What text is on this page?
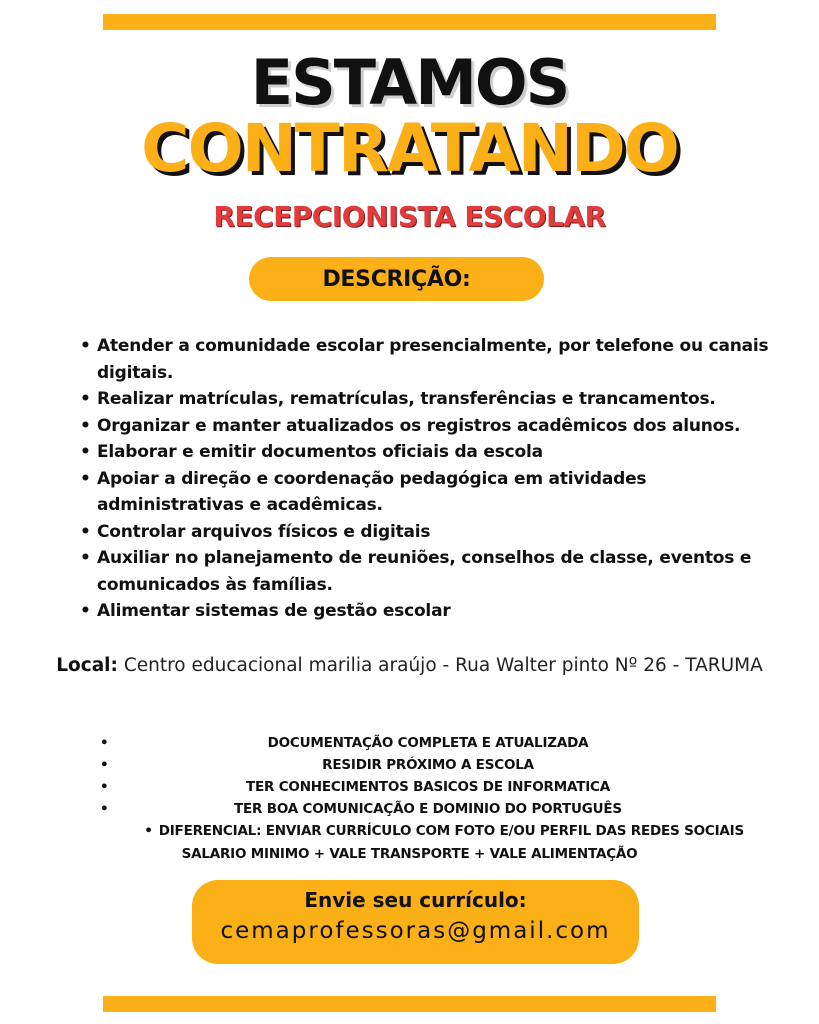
ESTAMOS
CONTRATANDO
RECEPCIONISTA ESCOLAR
DESCRIÇÃO:
• Atender a comunidade escolar presencialmente, por telefone ou canais digitais.
• Realizar matrículas, rematrículas, transferências e trancamentos.
• Organizar e manter atualizados os registros acadêmicos dos alunos.
• Elaborar e emitir documentos oficiais da escola
• Apoiar a direção e coordenação pedagógica em atividades administrativas e acadêmicas.
• Controlar arquivos físicos e digitais
• Auxiliar no planejamento de reuniões, conselhos de classe, eventos e comunicados às famílias.
• Alimentar sistemas de gestão escolar
Local: Centro educacional marilia araújo - Rua Walter pinto Nº 26 - TARUMA
•	DOCUMENTAÇÃO COMPLETA E ATUALIZADA
•	RESIDIR PRÓXIMO A ESCOLA
•	TER CONHECIMENTOS BASICOS DE INFORMATICA
•	TER BOA COMUNICAÇÃO E DOMINIO DO PORTUGUÊS
• DIFERENCIAL: ENVIAR CURRÍCULO COM FOTO E/OU PERFIL DAS REDES SOCIAIS
SALARIO MINIMO + VALE TRANSPORTE + VALE ALIMENTAÇÃO
Envie seu currículo:
cemaprofessoras@gmail.com
